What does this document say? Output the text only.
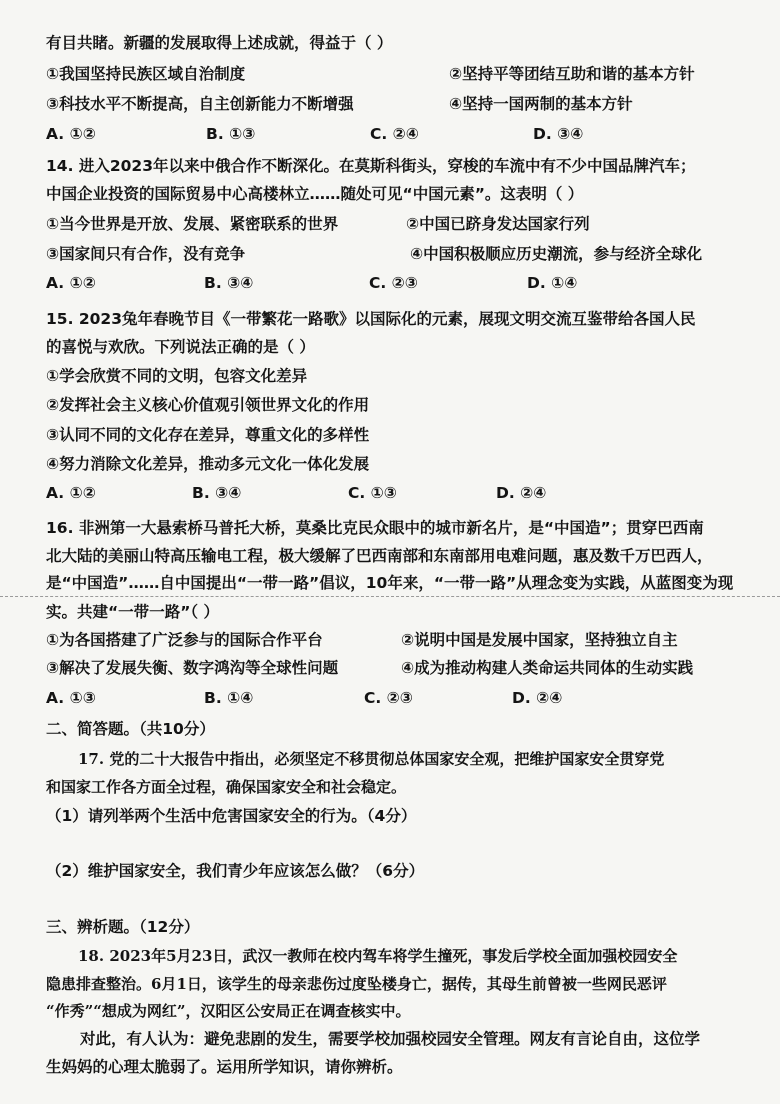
有目共睹。新疆的发展取得上述成就，得益于（ ）
①我国坚持民族区域自治制度	②坚持平等团结互助和谐的基本方针
③科技水平不断提高，自主创新能力不断增强	④坚持一国两制的基本方针
A. ①②	B. ①③	C. ②④	D. ③④
14. 进入2023年以来中俄合作不断深化。在莫斯科街头，穿梭的车流中有不少中国品牌汽车；
中国企业投资的国际贸易中心高楼林立……随处可见“中国元素”。这表明（ ）
①当今世界是开放、发展、紧密联系的世界	②中国已跻身发达国家行列
③国家间只有合作，没有竞争	④中国积极顺应历史潮流，参与经济全球化
A. ①②	B. ③④	C. ②③	D. ①④
15. 2023兔年春晚节目《一带繁花一路歌》以国际化的元素，展现文明交流互鉴带给各国人民
的喜悦与欢欣。下列说法正确的是（ ）
①学会欣赏不同的文明，包容文化差异
②发挥社会主义核心价值观引领世界文化的作用
③认同不同的文化存在差异，尊重文化的多样性
④努力消除文化差异，推动多元文化一体化发展
A. ①②	B. ③④	C. ①③	D. ②④
16. 非洲第一大悬索桥马普托大桥，莫桑比克民众眼中的城市新名片，是“中国造”；贯穿巴西南
北大陆的美丽山特高压输电工程，极大缓解了巴西南部和东南部用电难问题，惠及数千万巴西人，
是“中国造”……自中国提出“一带一路”倡议，10年来，“一带一路”从理念变为实践，从蓝图变为现
实。共建“一带一路”（ ）
①为各国搭建了广泛参与的国际合作平台	②说明中国是发展中国家，坚持独立自主
③解决了发展失衡、数字鸿沟等全球性问题	④成为推动构建人类命运共同体的生动实践
A. ①③	B. ①④	C. ②③	D. ②④
二、简答题。（共10分）
17. 党的二十大报告中指出，必须坚定不移贯彻总体国家安全观，把维护国家安全贯穿党
和国家工作各方面全过程，确保国家安全和社会稳定。
（1）请列举两个生活中危害国家安全的行为。（4分）
（2）维护国家安全，我们青少年应该怎么做？（6分）
三、辨析题。（12分）
18. 2023年5月23日，武汉一教师在校内驾车将学生撞死，事发后学校全面加强校园安全
隐患排查整治。6月1日，该学生的母亲悲伤过度坠楼身亡，据传，其母生前曾被一些网民恶评
“作秀”“想成为网红”，汉阳区公安局正在调查核实中。
对此，有人认为：避免悲剧的发生，需要学校加强校园安全管理。网友有言论自由，这位学
生妈妈的心理太脆弱了。运用所学知识，请你辨析。
